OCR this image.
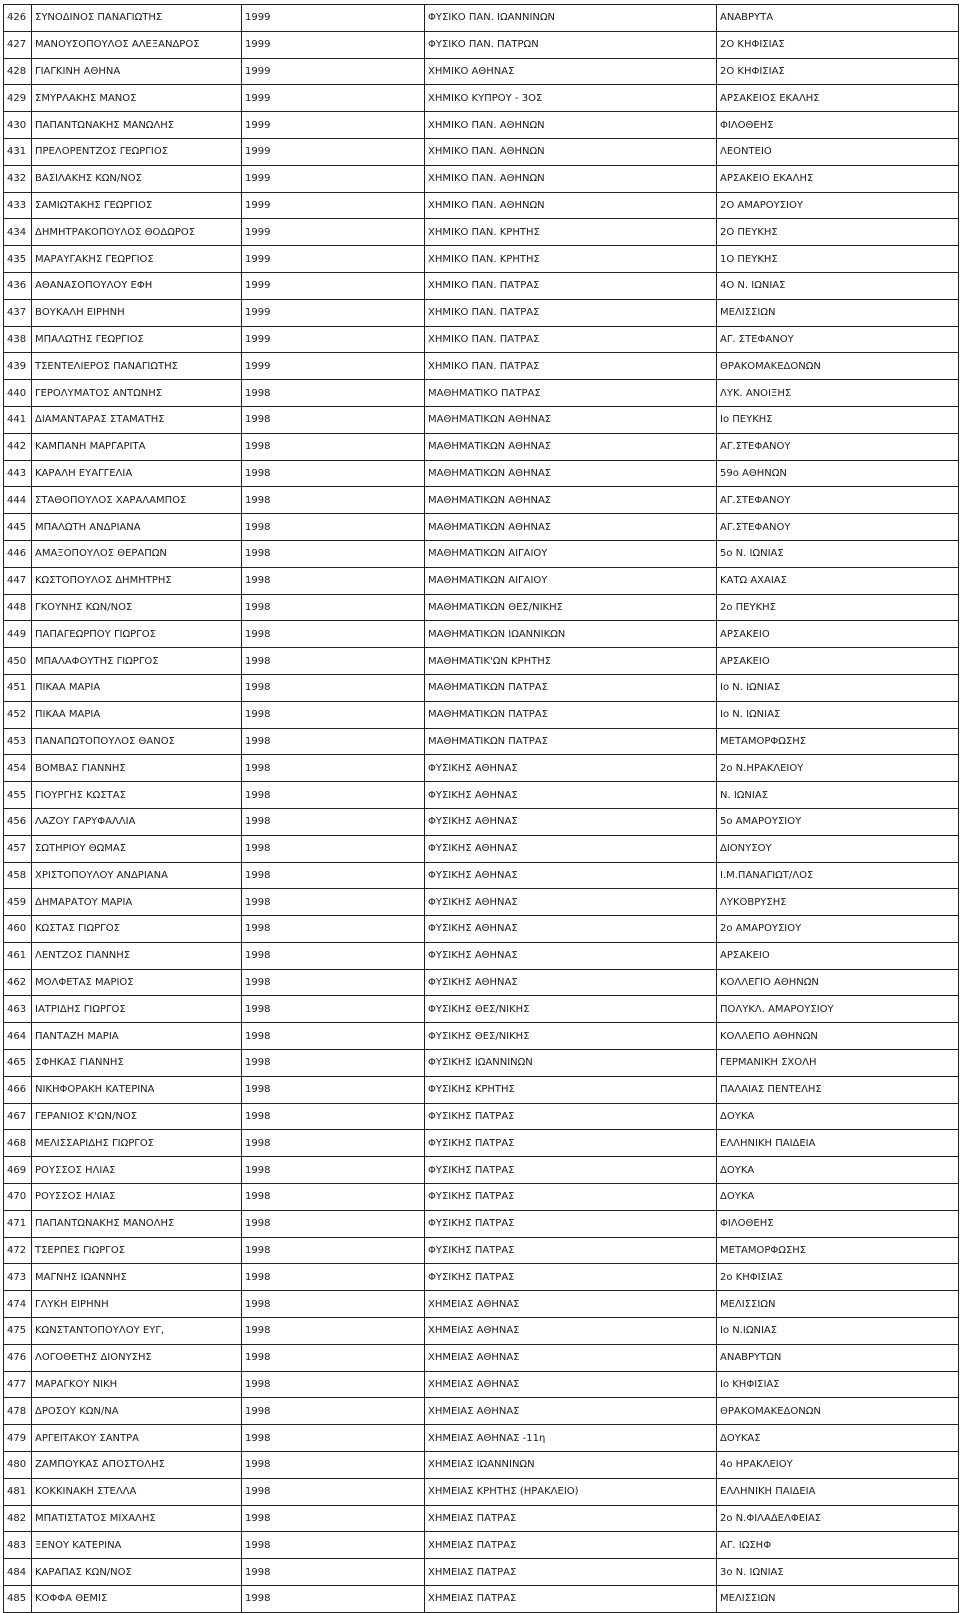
426	ΣΥΝΟΔΙΝΟΣ ΠΑΝΑΓΙΩΤΗΣ	1999	ΦΥΣΙΚΟ ΠΑΝ. ΙΩΑΝΝΙΝΩΝ	ΑΝΑΒΡΥΤΑ
427	ΜΑΝΟΥΣΟΠΟΥΛΟΣ ΑΛΕΞΑΝΔΡΟΣ	1999	ΦΥΣΙΚΟ ΠΑΝ. ΠΑΤΡΩΝ	2Ο ΚΗΦΙΣΙΑΣ
428	ΓΙΑΓΚΙΝΗ ΑΘΗΝΑ	1999	ΧΗΜΙΚΟ ΑΘΗΝΑΣ	2Ο ΚΗΦΙΣΙΑΣ
429	ΣΜΥΡΛΑΚΗΣ ΜΑΝΟΣ	1999	ΧΗΜΙΚΟ ΚΥΠΡΟΥ - 3ΟΣ	ΑΡΣΑΚΕΙΟΣ ΕΚΑΛΗΣ
430	ΠΑΠΑΝΤΩΝΑΚΗΣ ΜΑΝΩΛΗΣ	1999	ΧΗΜΙΚΟ ΠΑΝ. ΑΘΗΝΩΝ	ΦΙΛΟΘΕΗΣ
431	ΠΡΕΛΟΡΕΝΤΖΟΣ ΓΕΩΡΓΙΟΣ	1999	ΧΗΜΙΚΟ ΠΑΝ. ΑΘΗΝΩΝ	ΛΕΟΝΤΕΙΟ
432	ΒΑΣΙΛΑΚΗΣ ΚΩΝ/ΝΟΣ	1999	ΧΗΜΙΚΟ ΠΑΝ. ΑΘΗΝΩΝ	ΑΡΣΑΚΕΙΟ ΕΚΑΛΗΣ
433	ΣΑΜΙΩΤΑΚΗΣ ΓΕΩΡΓΙΟΣ	1999	ΧΗΜΙΚΟ ΠΑΝ. ΑΘΗΝΩΝ	2Ο ΑΜΑΡΟΥΣΙΟΥ
434	ΔΗΜΗΤΡΑΚΟΠΟΥΛΟΣ ΘΟΔΩΡΟΣ	1999	ΧΗΜΙΚΟ ΠΑΝ. ΚΡΗΤΗΣ	2Ο ΠΕΥΚΗΣ
435	ΜΑΡΑΥΓΑΚΗΣ ΓΕΩΡΓΙΟΣ	1999	ΧΗΜΙΚΟ ΠΑΝ. ΚΡΗΤΗΣ	1Ο ΠΕΥΚΗΣ
436	ΑΘΑΝΑΣΟΠΟΥΛΟΥ ΕΦΗ	1999	ΧΗΜΙΚΟ ΠΑΝ. ΠΑΤΡΑΣ	4Ο Ν. ΙΩΝΙΑΣ
437	ΒΟΥΚΑΛΗ ΕΙΡΗΝΗ	1999	ΧΗΜΙΚΟ ΠΑΝ. ΠΑΤΡΑΣ	ΜΕΛΙΣΣΙΩΝ
438	ΜΠΑΛΩΤΗΣ ΓΕΩΡΓΙΟΣ	1999	ΧΗΜΙΚΟ ΠΑΝ. ΠΑΤΡΑΣ	ΑΓ. ΣΤΕΦΑΝΟΥ
439	ΤΣΕΝΤΕΛΙΕΡΟΣ ΠΑΝΑΓΙΩΤΗΣ	1999	ΧΗΜΙΚΟ ΠΑΝ. ΠΑΤΡΑΣ	ΘΡΑΚΟΜΑΚΕΔΟΝΩΝ
440	ΓΕΡΟΛΥΜΑΤΟΣ ΑΝΤΩΝΗΣ	1998	ΜΑΘΗΜΑΤΙΚΟ ΠΑΤΡΑΣ	ΛΥΚ. ΑΝΟΙΞΗΣ
441	ΔΙΑΜΑΝΤΑΡΑΣ ΣΤΑΜΑΤΗΣ	1998	ΜΑΘΗΜΑΤΙΚΩΝ ΑΘΗΝΑΣ	Ιο ΠΕΥΚΗΣ
442	ΚΑΜΠΑΝΗ ΜΑΡΓΑΡΙΤΑ	1998	ΜΑΘΗΜΑΤΙΚΩΝ ΑΘΗΝΑΣ	ΑΓ.ΣΤΕΦΑΝΟΥ
443	ΚΑΡΑΛΗ ΕΥΑΓΓΕΛΙΑ	1998	ΜΑΘΗΜΑΤΙΚΩΝ ΑΘΗΝΑΣ	59ο ΑΘΗΝΩΝ
444	ΣΤΑΘΟΠΟΥΛΟΣ ΧΑΡΑΛΑΜΠΟΣ	1998	ΜΑΘΗΜΑΤΙΚΩΝ ΑΘΗΝΑΣ	ΑΓ.ΣΤΕΦΑΝΟΥ
445	ΜΠΑΛΩΤΗ ΑΝΔΡΙΑΝΑ	1998	ΜΑΘΗΜΑΤΙΚΩΝ ΑΘΗΝΑΣ	ΑΓ.ΣΤΕΦΑΝΟΥ
446	ΑΜΑΞΟΠΟΥΛΟΣ ΘΕΡΑΠΩΝ	1998	ΜΑΘΗΜΑΤΙΚΩΝ ΑΙΓΑΙΟΥ	5ο Ν. ΙΩΝΙΑΣ
447	ΚΩΣΤΟΠΟΥΛΟΣ ΔΗΜΗΤΡΗΣ	1998	ΜΑΘΗΜΑΤΙΚΩΝ ΑΙΓΑΙΟΥ	ΚΑΤΩ ΑΧΑΙΑΣ
448	ΓΚΟΥΝΗΣ ΚΩΝ/ΝΟΣ	1998	ΜΑΘΗΜΑΤΙΚΩΝ ΘΕΣ/ΝΙΚΗΣ	2ο ΠΕΥΚΗΣ
449	ΠΑΠΑΓΕΩΡΠΟΥ ΓΙΩΡΓΟΣ	1998	ΜΑΘΗΜΑΤΙΚΩΝ ΙΩΑΝΝΙΚΩΝ	ΑΡΣΑΚΕΙΟ
450	ΜΠΑΛΑΦΟΥΤΗΣ ΓΙΩΡΓΟΣ	1998	ΜΑΘΗΜΑΤΙΚ'ΩΝ ΚΡΗΤΗΣ	ΑΡΣΑΚΕΙΟ
451	ΠΙΚΑΑ ΜΑΡΙΑ	1998	ΜΑΘΗΜΑΤΙΚΩΝ ΠΑΤΡΑΣ	Ιο Ν. ΙΩΝΙΑΣ
452	ΠΙΚΑΑ ΜΑΡΙΑ	1998	ΜΑΘΗΜΑΤΙΚΩΝ ΠΑΤΡΑΣ	Ιο Ν. ΙΩΝΙΑΣ
453	ΠΑΝΑΠΩΤΟΠΟΥΛΟΣ ΘΑΝΟΣ	1998	ΜΑΘΗΜΑΤΙΚΩΝ ΠΑΤΡΑΣ	ΜΕΤΑΜΟΡΦΩΣΗΣ
454	ΒΟΜΒΑΣ ΓΙΑΝΝΗΣ	1998	ΦΥΣΙΚΗΣ ΑΘΗΝΑΣ	2ο Ν.ΗΡΑΚΛΕΙΟΥ
455	ΓΙΟΥΡΓΗΣ ΚΩΣΤΑΣ	1998	ΦΥΣΙΚΗΣ ΑΘΗΝΑΣ	Ν. ΙΩΝΙΑΣ
456	ΛΑΖΟΥ ΓΑΡΥΦΑΛΛΙΑ	1998	ΦΥΣΙΚΗΣ ΑΘΗΝΑΣ	5ο ΑΜΑΡΟΥΣΙΟΥ
457	ΣΩΤΗΡΙΟΥ ΘΩΜΑΣ	1998	ΦΥΣΙΚΗΣ ΑΘΗΝΑΣ	ΔΙΟΝΥΣΟΥ
458	ΧΡΙΣΤΟΠΟΥΛΟΥ ΑΝΔΡΙΑΝΑ	1998	ΦΥΣΙΚΗΣ ΑΘΗΝΑΣ	Ι.Μ.ΠΑΝΑΓΙΩΤ/ΛΟΣ
459	ΔΗΜΑΡΑΤΟΥ ΜΑΡΙΑ	1998	ΦΥΣΙΚΗΣ ΑΘΗΝΑΣ	ΛΥΚΟΒΡΥΣΗΣ
460	ΚΩΣΤΑΣ ΓΙΩΡΓΟΣ	1998	ΦΥΣΙΚΗΣ ΑΘΗΝΑΣ	2ο ΑΜΑΡΟΥΣΙΟΥ
461	ΛΕΝΤΖΟΣ ΓΙΑΝΝΗΣ	1998	ΦΥΣΙΚΗΣ ΑΘΗΝΑΣ	ΑΡΣΑΚΕΙΟ
462	ΜΟΛΦΕΤΑΣ ΜΑΡΙΟΣ	1998	ΦΥΣΙΚΗΣ ΑΘΗΝΑΣ	ΚΟΛΛΕΓΙΟ ΑΘΗΝΩΝ
463	ΙΑΤΡΙΔΗΣ ΓΙΩΡΓΟΣ	1998	ΦΥΣΙΚΗΣ ΘΕΣ/ΝΙΚΗΣ	ΠΟΛΥΚΛ. ΑΜΑΡΟΥΣΙΟΥ
464	ΠΑΝΤΑΖΗ ΜΑΡΙΑ	1998	ΦΥΣΙΚΗΣ ΘΕΣ/ΝΙΚΗΣ	ΚΟΛΛΕΠΟ ΑΘΗΝΩΝ
465	ΣΦΗΚΑΣ ΓΙΑΝΝΗΣ	1998	ΦΥΣΙΚΗΣ ΙΩΑΝΝΙΝΩΝ	ΓΕΡΜΑΝΙΚΗ ΣΧΟΛΗ
466	ΝΙΚΗΦΟΡΑΚΗ ΚΑΤΕΡΙΝΑ	1998	ΦΥΣΙΚΗΣ ΚΡΗΤΗΣ	ΠΑΛΑΙΑΣ ΠΕΝΤΕΛΗΣ
467	ΓΕΡΑΝΙΟΣ Κ'ΩΝ/ΝΟΣ	1998	ΦΥΣΙΚΗΣ ΠΑΤΡΑΣ	ΔΟΥΚΑ
468	ΜΕΛΙΣΣΑΡΙΔΗΣ ΓΙΩΡΓΟΣ	1998	ΦΥΣΙΚΗΣ ΠΑΤΡΑΣ	ΕΛΛΗΝΙΚΗ ΠΑΙΔΕΙΑ
469	ΡΟΥΣΣΟΣ ΗΛΙΑΣ	1998	ΦΥΣΙΚΗΣ ΠΑΤΡΑΣ	ΔΟΥΚΑ
470	ΡΟΥΣΣΟΣ ΗΛΙΑΣ	1998	ΦΥΣΙΚΗΣ ΠΑΤΡΑΣ	ΔΟΥΚΑ
471	ΠΑΠΑΝΤΩΝΑΚΗΣ ΜΑΝΟΛΗΣ	1998	ΦΥΣΙΚΗΣ ΠΑΤΡΑΣ	ΦΙΛΟΘΕΗΣ
472	ΤΣΕΡΠΕΣ ΓΙΩΡΓΟΣ	1998	ΦΥΣΙΚΗΣ ΠΑΤΡΑΣ	ΜΕΤΑΜΟΡΦΩΣΗΣ
473	ΜΑΓΝΗΣ ΙΩΑΝΝΗΣ	1998	ΦΥΣΙΚΗΣ ΠΑΤΡΑΣ	2ο ΚΗΦΙΣΙΑΣ
474	ΓΛΥΚΗ ΕΙΡΗΝΗ	1998	ΧΗΜΕΙΑΣ ΑΘΗΝΑΣ	ΜΕΛΙΣΣΙΩΝ
475	ΚΩΝΣΤΑΝΤΟΠΟΥΛΟΥ ΕΥΓ,	1998	ΧΗΜΕΙΑΣ ΑΘΗΝΑΣ	Ιο Ν.ΙΩΝΙΑΣ
476	ΛΟΓΟΘΕΤΗΣ ΔΙΟΝΥΣΗΣ	1998	ΧΗΜΕΙΑΣ ΑΘΗΝΑΣ	ΑΝΑΒΡΥΤΩΝ
477	ΜΑΡΑΓΚΟΥ ΝΙΚΗ	1998	ΧΗΜΕΙΑΣ ΑΘΗΝΑΣ	Ιο ΚΗΦΙΣΙΑΣ
478	ΔΡΟΣΟΥ ΚΩΝ/ΝΑ	1998	ΧΗΜΕΙΑΣ ΑΘΗΝΑΣ	ΘΡΑΚΟΜΑΚΕΔΟΝΩΝ
479	ΑΡΓΕΙΤΑΚΟΥ ΣΑΝΤΡΑ	1998	ΧΗΜΕΙΑΣ ΑΘΗΝΑΣ -11η	ΔΟΥΚΑΣ
480	ΖΑΜΠΟΥΚΑΣ ΑΠΟΣΤΟΛΗΣ	1998	ΧΗΜΕΙΑΣ ΙΩΑΝΝΙΝΩΝ	4ο ΗΡΑΚΛΕΙΟΥ
481	ΚΟΚΚΙΝΑΚΗ ΣΤΕΛΛΑ	1998	ΧΗΜΕΙΑΣ ΚΡΗΤΗΣ (ΗΡΑΚΛΕΙΟ)	ΕΛΛΗΝΙΚΗ ΠΑΙΔΕΙΑ
482	ΜΠΑΤΙΣΤΑΤΟΣ ΜΙΧΑΛΗΣ	1998	ΧΗΜΕΙΑΣ ΠΑΤΡΑΣ	2ο Ν.ΦΙΛΑΔΕΛΦΕΙΑΣ
483	ΞΕΝΟΥ ΚΑΤΕΡΙΝΑ	1998	ΧΗΜΕΙΑΣ ΠΑΤΡΑΣ	ΑΓ. ΙΩΣΗΦ
484	ΚΑΡΑΠΑΣ ΚΩΝ/ΝΟΣ	1998	ΧΗΜΕΙΑΣ ΠΑΤΡΑΣ	3ο Ν. ΙΩΝΙΑΣ
485	ΚΟΦΦΑ ΘΕΜΙΣ	1998	ΧΗΜΕΙΑΣ ΠΑΤΡΑΣ	ΜΕΛΙΣΣΙΩΝ
